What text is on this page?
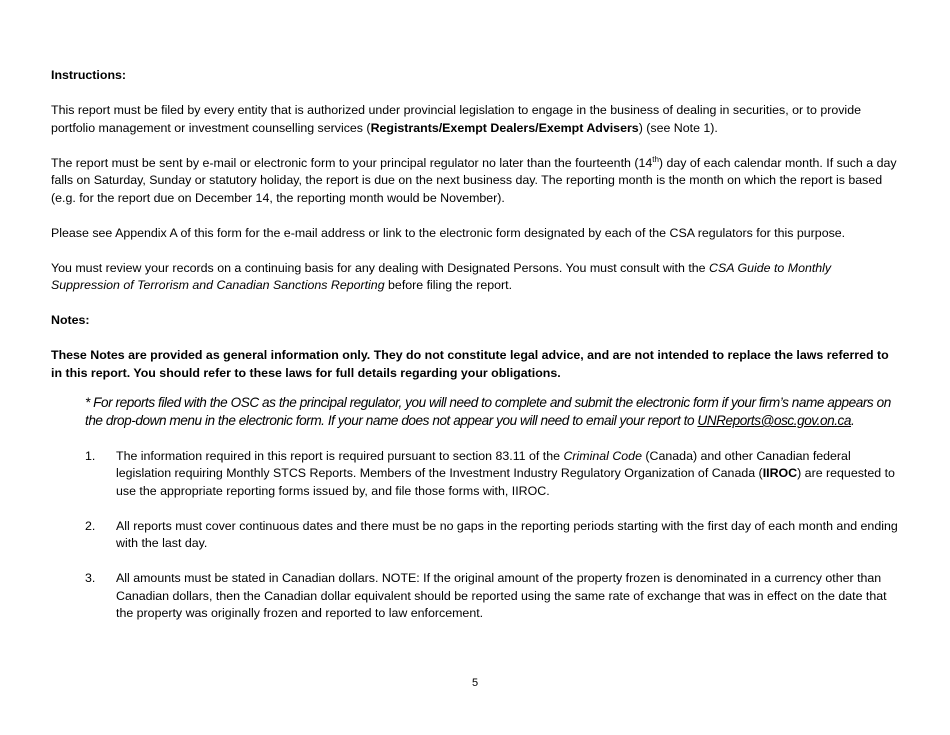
Instructions:

This report must be filed by every entity that is authorized under provincial legislation to engage in the business of dealing in securities, or to provide portfolio management or investment counselling services (Registrants/Exempt Dealers/Exempt Advisers) (see Note 1).

The report must be sent by e-mail or electronic form to your principal regulator no later than the fourteenth (14th) day of each calendar month. If such a day falls on Saturday, Sunday or statutory holiday, the report is due on the next business day. The reporting month is the month on which the report is based (e.g. for the report due on December 14, the reporting month would be November).

Please see Appendix A of this form for the e-mail address or link to the electronic form designated by each of the CSA regulators for this purpose.

You must review your records on a continuing basis for any dealing with Designated Persons. You must consult with the CSA Guide to Monthly Suppression of Terrorism and Canadian Sanctions Reporting before filing the report.

Notes:

These Notes are provided as general information only. They do not constitute legal advice, and are not intended to replace the laws referred to in this report. You should refer to these laws for full details regarding your obligations.

* For reports filed with the OSC as the principal regulator, you will need to complete and submit the electronic form if your firm’s name appears on the drop-down menu in the electronic form. If your name does not appear you will need to email your report to UNReports@osc.gov.on.ca.

1. The information required in this report is required pursuant to section 83.11 of the Criminal Code (Canada) and other Canadian federal legislation requiring Monthly STCS Reports. Members of the Investment Industry Regulatory Organization of Canada (IIROC) are requested to use the appropriate reporting forms issued by, and file those forms with, IIROC.
2. All reports must cover continuous dates and there must be no gaps in the reporting periods starting with the first day of each month and ending with the last day.
3. All amounts must be stated in Canadian dollars. NOTE: If the original amount of the property frozen is denominated in a currency other than Canadian dollars, then the Canadian dollar equivalent should be reported using the same rate of exchange that was in effect on the date that the property was originally frozen and reported to law enforcement.
5
